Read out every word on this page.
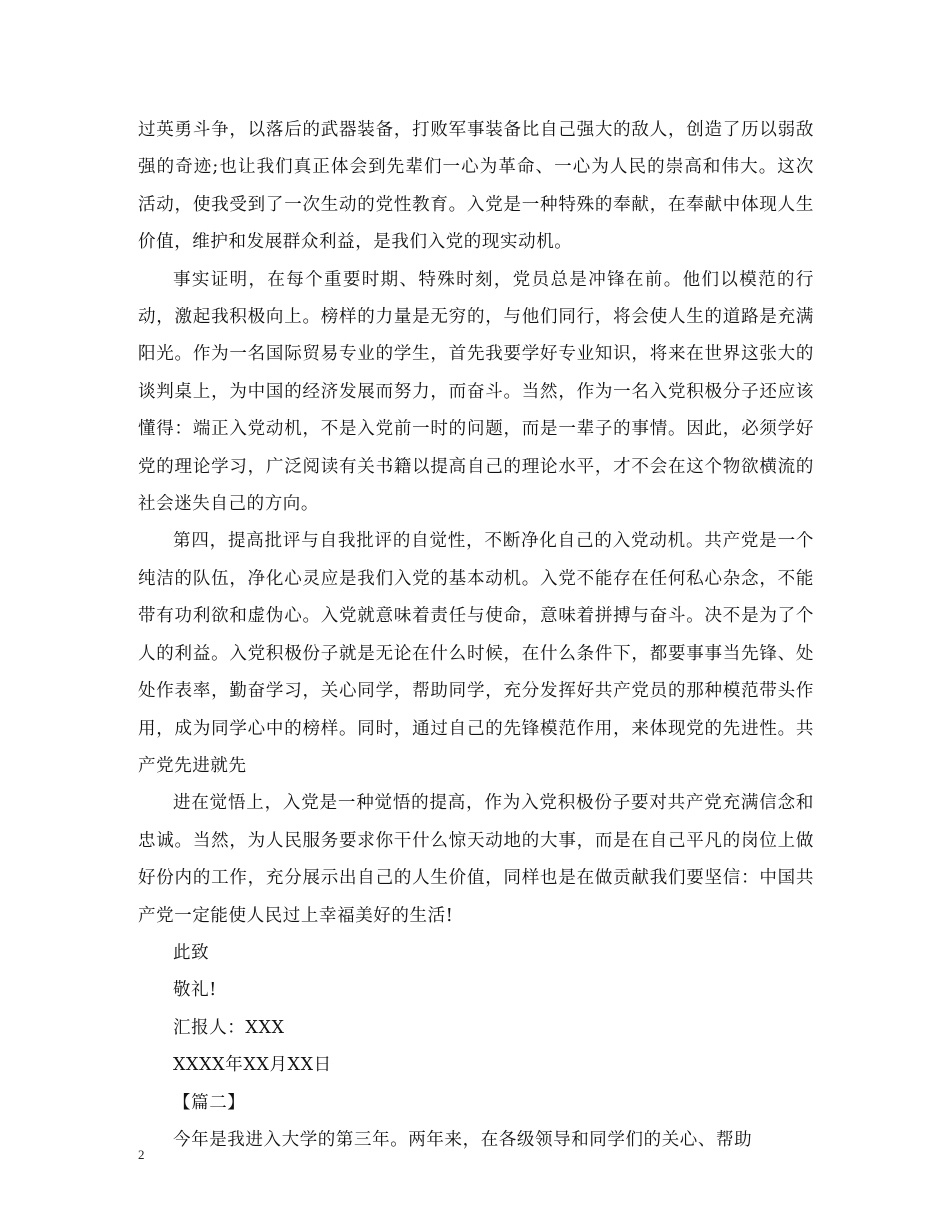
过英勇斗争，以落后的武器装备，打败军事装备比自己强大的敌人，创造了历以弱敌强的奇迹;也让我们真正体会到先辈们一心为革命、一心为人民的崇高和伟大。这次活动，使我受到了一次生动的党性教育。入党是一种特殊的奉献，在奉献中体现人生价值，维护和发展群众利益，是我们入党的现实动机。

事实证明，在每个重要时期、特殊时刻，党员总是冲锋在前。他们以模范的行动，激起我积极向上。榜样的力量是无穷的，与他们同行，将会使人生的道路是充满阳光。作为一名国际贸易专业的学生，首先我要学好专业知识，将来在世界这张大的谈判桌上，为中国的经济发展而努力，而奋斗。当然，作为一名入党积极分子还应该懂得：端正入党动机，不是入党前一时的问题，而是一辈子的事情。因此，必须学好党的理论学习，广泛阅读有关书籍以提高自己的理论水平，才不会在这个物欲横流的社会迷失自己的方向。

第四，提高批评与自我批评的自觉性，不断净化自己的入党动机。共产党是一个纯洁的队伍，净化心灵应是我们入党的基本动机。入党不能存在任何私心杂念，不能带有功利欲和虚伪心。入党就意味着责任与使命，意味着拼搏与奋斗。决不是为了个人的利益。入党积极份子就是无论在什么时候，在什么条件下，都要事事当先锋、处处作表率，勤奋学习，关心同学，帮助同学，充分发挥好共产党员的那种模范带头作用，成为同学心中的榜样。同时，通过自己的先锋模范作用，来体现党的先进性。共产党先进就先

进在觉悟上，入党是一种觉悟的提高，作为入党积极份子要对共产党充满信念和忠诚。当然，为人民服务要求你干什么惊天动地的大事，而是在自己平凡的岗位上做好份内的工作，充分展示出自己的人生价值，同样也是在做贡献我们要坚信：中国共产党一定能使人民过上幸福美好的生活!

此致

敬礼!

汇报人：XXX

XXXX年XX月XX日

【篇二】

今年是我进入大学的第三年。两年来，在各级领导和同学们的关心、帮助

2
